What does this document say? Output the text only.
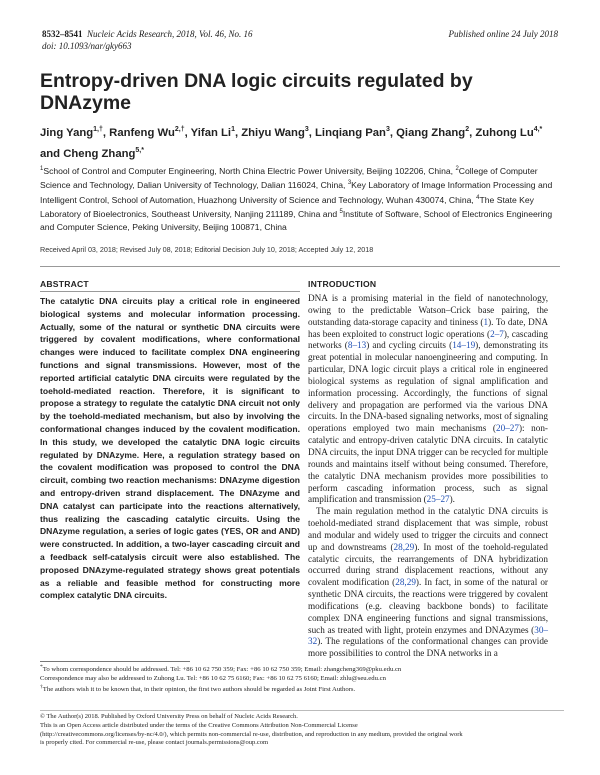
8532–8541 Nucleic Acids Research, 2018, Vol. 46, No. 16	Published online 24 July 2018
doi: 10.1093/nar/gky663
Entropy-driven DNA logic circuits regulated by DNAzyme
Jing Yang$^{1,\dagger}$, Ranfeng $Wu^{2,\dagger}$, Yifan Li$^1$, Zhiyu Wang$^3$, Linqiang Pan$^3$, Qiang Zhang$^2$, Zuhong $Lu^{4,*}$ and Cheng Zhang$^{5,*}$
$^1$School of Control and Computer Engineering, North China Electric Power University, Beijing 102206, China, $^2$College of Computer Science and Technology, Dalian University of Technology, Dalian 116024, China, $^3$Key Laboratory of Image Information Processing and Intelligent Control, School of Automation, Huazhong University of Science and Technology, Wuhan 430074, China, $^4$The State Key Laboratory of Bioelectronics, Southeast University, Nanjing 211189, China and $^5$Institute of Software, School of Electronics Engineering and Computer Science, Peking University, Beijing 100871, China
Received April 03, 2018; Revised July 08, 2018; Editorial Decision July 10, 2018; Accepted July 12, 2018
ABSTRACT
The catalytic DNA circuits play a critical role in engineered biological systems and molecular information processing. Actually, some of the natural or synthetic DNA circuits were triggered by covalent modifications, where conformational changes were induced to facilitate complex DNA engineering functions and signal transmissions. However, most of the reported artificial catalytic DNA circuits were regulated by the toehold-mediated reaction. Therefore, it is significant to propose a strategy to regulate the catalytic DNA circuit not only by the toehold-mediated mechanism, but also by involving the conformational changes induced by the covalent modification. In this study, we developed the catalytic DNA logic circuits regulated by DNAzyme. Here, a regulation strategy based on the covalent modification was proposed to control the DNA circuit, combing two reaction mechanisms: DNAzyme digestion and entropy-driven strand displacement. The DNAzyme and DNA catalyst can participate into the reactions alternatively, thus realizing the cascading catalytic circuits. Using the DNAzyme regulation, a series of logic gates (YES, OR and AND) were constructed. In addition, a two-layer cascading circuit and a feedback self-catalysis circuit were also established. The proposed DNAzyme-regulated strategy shows great potentials as a reliable and feasible method for constructing more complex catalytic DNA circuits.
INTRODUCTION

DNA is a promising material in the field of nanotechnology, owing to the predictable Watson–Crick base pairing, the outstanding data-storage capacity and tininess (1). To date, DNA has been exploited to construct logic operations (2–7), cascading networks (8–13) and cycling circuits (14–19), demonstrating its great potential in molecular nanoengineering and computing. In particular, DNA logic circuit plays a critical role in engineered biological systems as regulation of signal amplification and information processing. Accordingly, the functions of signal delivery and propagation are performed via the various DNA circuits. In the DNA-based signaling networks, most of signaling operations employed two main mechanisms (20–27): non-catalytic and entropy-driven catalytic DNA circuits. In catalytic DNA circuits, the input DNA trigger can be recycled for multiple rounds and maintains itself without being consumed. Therefore, the catalytic DNA mechanism provides more possibilities to perform cascading information process, such as signal amplification and transmission (25–27).

The main regulation method in the catalytic DNA circuits is toehold-mediated strand displacement that was simple, robust and modular and widely used to trigger the circuits and connect up and downstreams (28,29). In most of the toehold-regulated catalytic circuits, the rearrangements of DNA hybridization occurred during strand displacement reactions, without any covalent modification (28,29). In fact, in some of the natural or synthetic DNA circuits, the reactions were triggered by covalent modifications (e.g. cleaving backbone bonds) to facilitate complex DNA engineering functions and signal transmissions, such as treated with light, protein enzymes and DNAzymes (30–32). The regulations of the conformational changes can provide more possibilities to control the DNA networks in a

*To whom correspondence should be addressed. Tel: +86 10 62 750 359; Fax: +86 10 62 750 359; Email: zhangcheng369@pku.edu.cn
Correspondence may also be addressed to Zuhong Lu. Tel: +86 10 62 75 6160; Fax: +86 10 62 75 6160; Email: zhlu@seu.edu.cn
†The authors wish it to be known that, in their opinion, the first two authors should be regarded as Joint First Authors.
© The Author(s) 2018. Published by Oxford University Press on behalf of Nucleic Acids Research.
This is an Open Access article distributed under the terms of the Creative Commons Attribution Non-Commercial License
(http://creativecommons.org/licenses/by-nc/4.0/), which permits non-commercial re-use, distribution, and reproduction in any medium, provided the original work
is properly cited. For commercial re-use, please contact journals.permissions@oup.com
